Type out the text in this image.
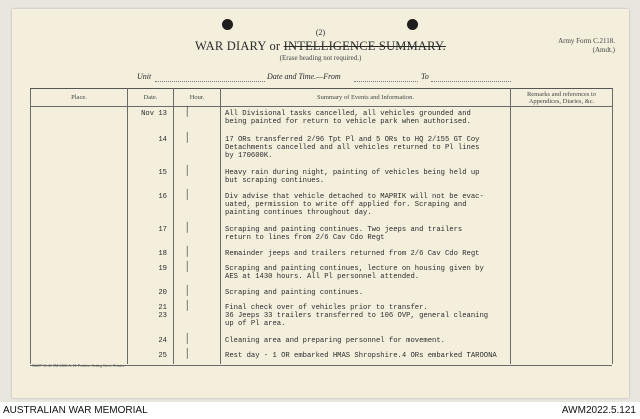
(2)
WAR DIARY or INTELLIGENCE SUMMARY.
(Erase heading not required.)
Army Form C.2118.
(Amdt.)
Unit	Date and Time.—From	To
Place.	Date.	Hour.	Summary of Events and Information.	Remarks and references to Appendices, Diaries, &c.
	Nov 13	│	All Divisional tasks cancelled, all vehicles grounded and
being painted for return to vehicle park when authorised.	
	14	│	17 ORs transferred 2/96 Tpt Pl and 5 ORs to HQ 2/155 GT Coy
Detachments cancelled and all vehicles returned to Pl lines
by 170600K.	
	15	│	Heavy rain during night, painting of vehicles being held up
but scraping continues.	
	16	│	Div advise that vehicle detached to MAPRIK will not be evac-
uated, permission to write off applied for. Scraping and
painting continues throughout day.	
	17	│	Scraping and painting continues. Two jeeps and trailers
return to lines from 2/6 Cav Cdo Regt	
	18	│	Remainder jeeps and trailers returned from 2/6 Cav Cdo Regt	
	19	│	Scraping and painting continues, lecture on housing given by
AES at 1430 hours. All Pl personnel attended.	
	20	│	Scraping and painting continues.	
	21
23	│	Final check over of vehicles prior to transfer.
36 Jeeps 33 trailers transferred to 106 OVP, general cleaning
up of Pl area.	
	24	│	Cleaning area and preparing personnel for movement.	
	25	│	Rest day - 1 OR embarked HMAS Shropshire.4 ORs embarked TAROONA	
56237 11.41 5M 6386 A. H. Pettifer, Acting Govt. Printer.
AUSTRALIAN WAR MEMORIAL	AWM2022.5.121
